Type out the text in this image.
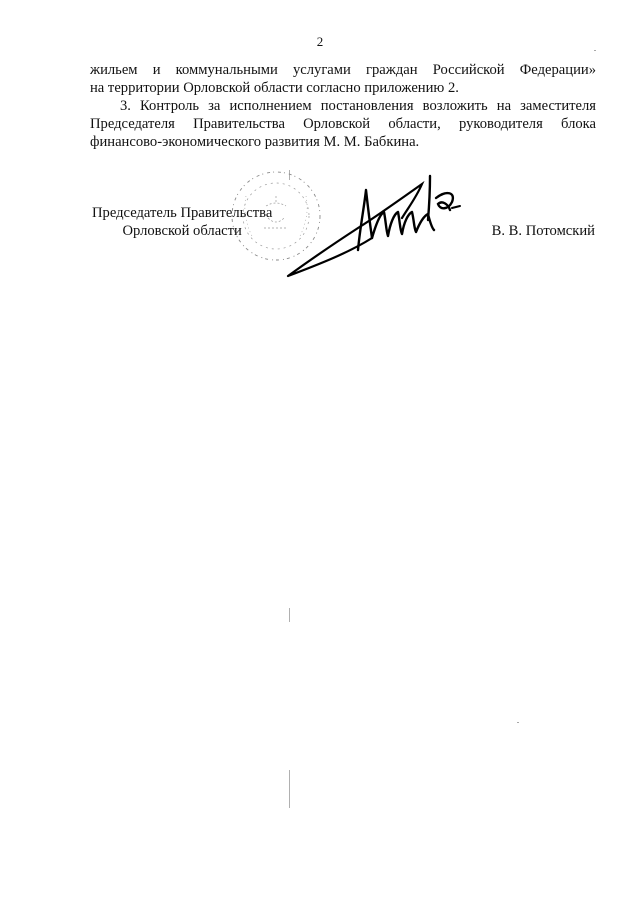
2
жильем и коммунальными услугами граждан Российской Федерации»
на территории Орловской области согласно приложению 2.
3. Контроль за исполнением постановления возложить на заместителя
Председателя Правительства Орловской области, руководителя блока
финансово-экономического развития М. М. Бабкина.
Председатель Правительства
Орловской области	В. В. Потомский
